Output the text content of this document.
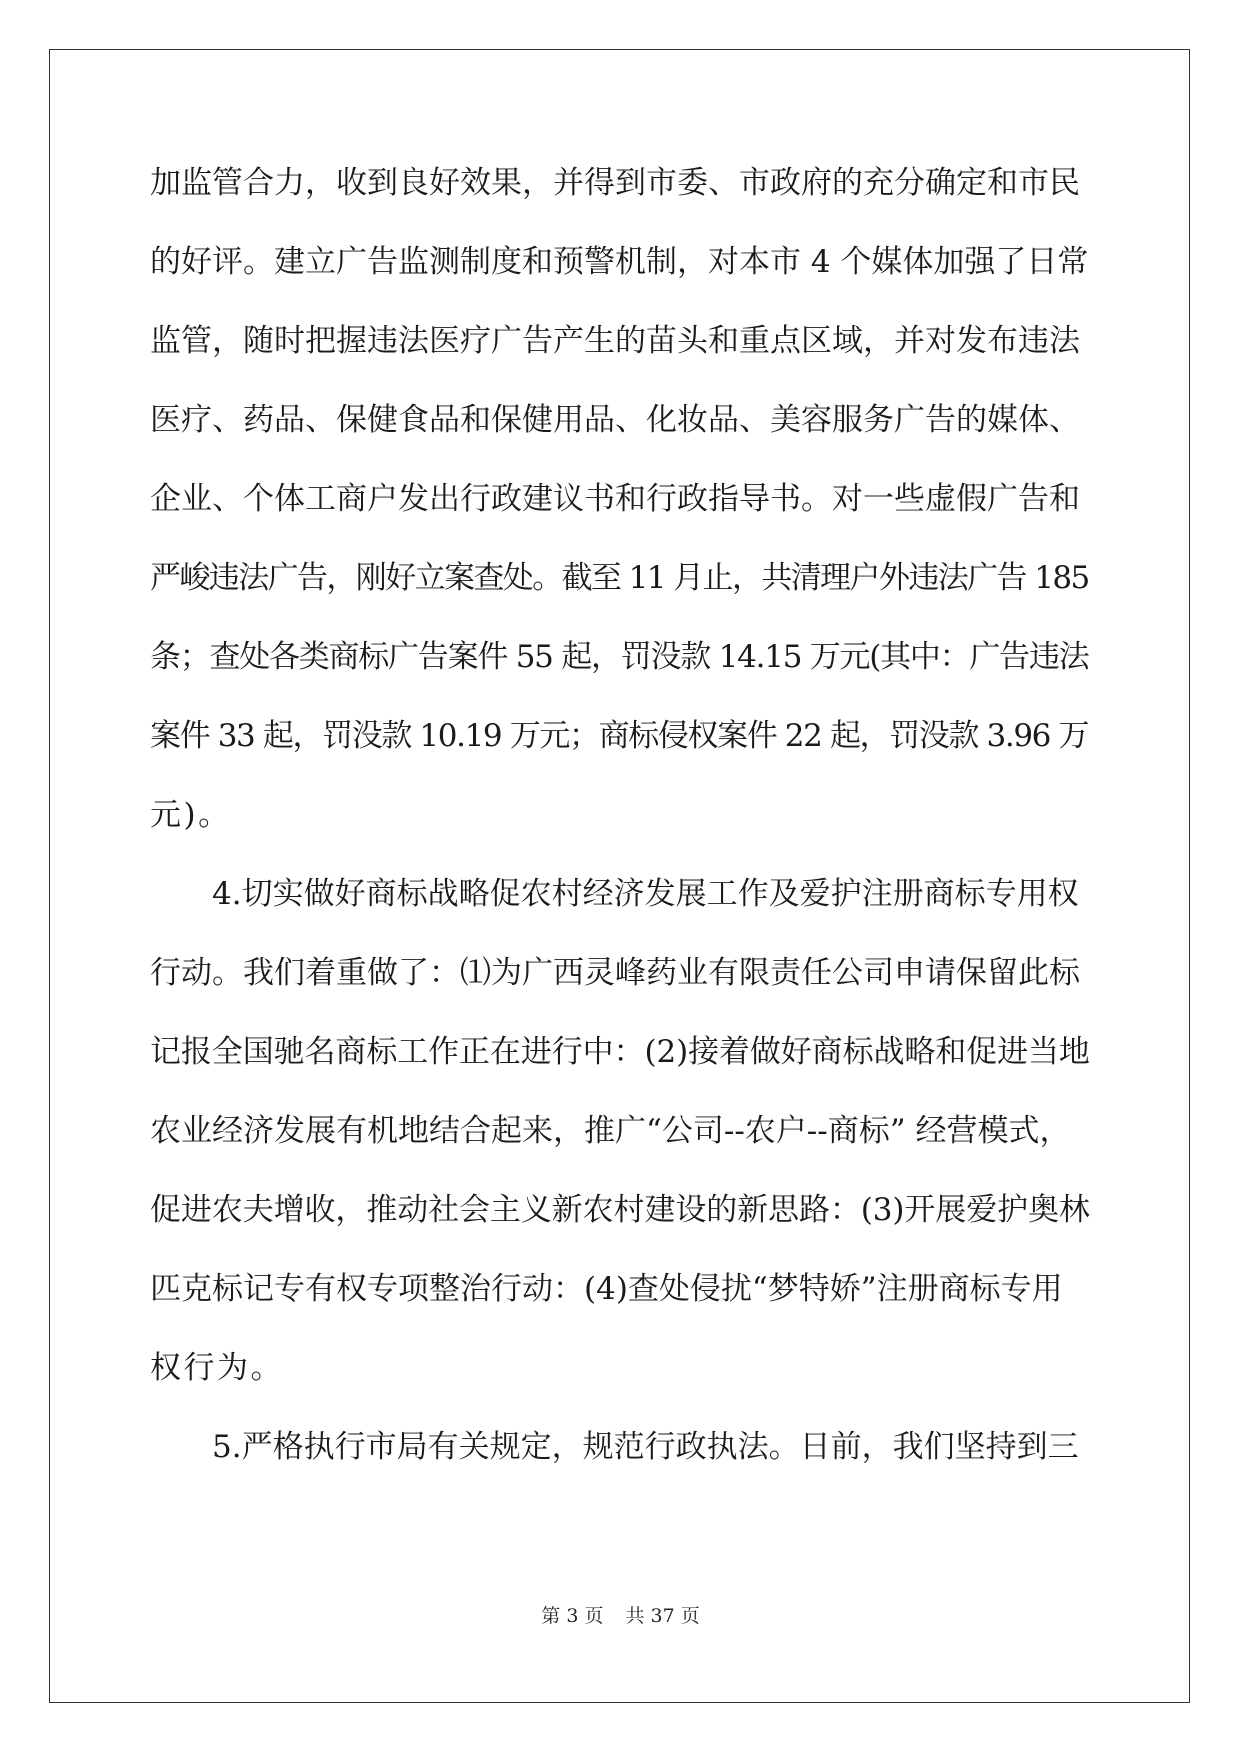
加监管合力，收到良好效果，并得到市委、市政府的充分确定和市民
的好评。建立广告监测制度和预警机制，对本市 4 个媒体加强了日常
监管，随时把握违法医疗广告产生的苗头和重点区域，并对发布违法
医疗、药品、保健食品和保健用品、化妆品、美容服务广告的媒体、
企业、个体工商户发出行政建议书和行政指导书。对一些虚假广告和
严峻违法广告，刚好立案查处。截至 11 月止，共清理户外违法广告 185
条；查处各类商标广告案件 55 起，罚没款 14.15 万元(其中：广告违法
案件 33 起，罚没款 10.19 万元；商标侵权案件 22 起，罚没款 3.96 万
元)。
4.切实做好商标战略促农村经济发展工作及爱护注册商标专用权
行动。我们着重做了：⑴为广西灵峰药业有限责任公司申请保留此标
记报全国驰名商标工作正在进行中：(2)接着做好商标战略和促进当地
农业经济发展有机地结合起来，推广“公司--农户--商标” 经营模式，
促进农夫增收，推动社会主义新农村建设的新思路：(3)开展爱护奥林
匹克标记专有权专项整治行动：(4)查处侵扰“梦特娇”注册商标专用
权行为。
5.严格执行市局有关规定，规范行政执法。日前，我们坚持到三
第 3 页 共 37 页
